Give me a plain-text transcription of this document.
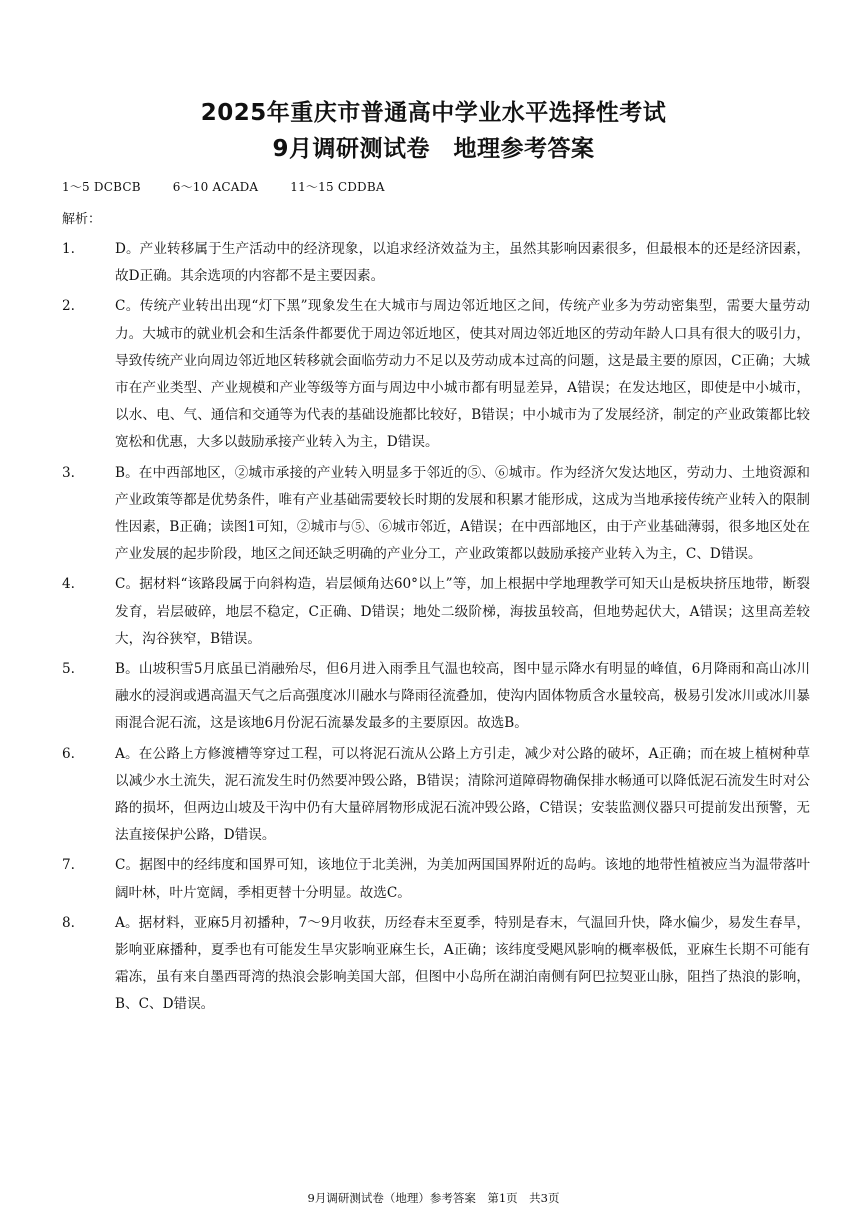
2025年重庆市普通高中学业水平选择性考试
9月调研测试卷　地理参考答案
1～5 DCBCB	6～10 ACADA	11～15 CDDBA
解析：
1.	D。产业转移属于生产活动中的经济现象，以追求经济效益为主，虽然其影响因素很多，但最根本的还是经济因素，故D正确。其余选项的内容都不是主要因素。
2.	C。传统产业转出出现“灯下黑”现象发生在大城市与周边邻近地区之间，传统产业多为劳动密集型，需要大量劳动力。大城市的就业机会和生活条件都要优于周边邻近地区，使其对周边邻近地区的劳动年龄人口具有很大的吸引力，导致传统产业向周边邻近地区转移就会面临劳动力不足以及劳动成本过高的问题，这是最主要的原因，C正确；大城市在产业类型、产业规模和产业等级等方面与周边中小城市都有明显差异，A错误；在发达地区，即使是中小城市，以水、电、气、通信和交通等为代表的基础设施都比较好，B错误；中小城市为了发展经济，制定的产业政策都比较宽松和优惠，大多以鼓励承接产业转入为主，D错误。
3.	B。在中西部地区，②城市承接的产业转入明显多于邻近的⑤、⑥城市。作为经济欠发达地区，劳动力、土地资源和产业政策等都是优势条件，唯有产业基础需要较长时期的发展和积累才能形成，这成为当地承接传统产业转入的限制性因素，B正确；读图1可知，②城市与⑤、⑥城市邻近，A错误；在中西部地区，由于产业基础薄弱，很多地区处在产业发展的起步阶段，地区之间还缺乏明确的产业分工，产业政策都以鼓励承接产业转入为主，C、D错误。
4.	C。据材料“该路段属于向斜构造，岩层倾角达60°以上”等，加上根据中学地理教学可知天山是板块挤压地带，断裂发育，岩层破碎，地层不稳定，C正确、D错误；地处二级阶梯，海拔虽较高，但地势起伏大，A错误；这里高差较大，沟谷狭窄，B错误。
5.	B。山坡积雪5月底虽已消融殆尽，但6月进入雨季且气温也较高，图中显示降水有明显的峰值，6月降雨和高山冰川融水的浸润或遇高温天气之后高强度冰川融水与降雨径流叠加，使沟内固体物质含水量较高，极易引发冰川或冰川暴雨混合泥石流，这是该地6月份泥石流暴发最多的主要原因。故选B。
6.	A。在公路上方修渡槽等穿过工程，可以将泥石流从公路上方引走，减少对公路的破坏，A正确；而在坡上植树种草以减少水土流失，泥石流发生时仍然要冲毁公路，B错误；清除河道障碍物确保排水畅通可以降低泥石流发生时对公路的损坏，但两边山坡及干沟中仍有大量碎屑物形成泥石流冲毁公路，C错误；安装监测仪器只可提前发出预警，无法直接保护公路，D错误。
7.	C。据图中的经纬度和国界可知，该地位于北美洲，为美加两国国界附近的岛屿。该地的地带性植被应当为温带落叶阔叶林，叶片宽阔，季相更替十分明显。故选C。
8.	A。据材料，亚麻5月初播种，7～9月收获，历经春末至夏季，特别是春末，气温回升快，降水偏少，易发生春旱，影响亚麻播种，夏季也有可能发生旱灾影响亚麻生长，A正确；该纬度受飓风影响的概率极低，亚麻生长期不可能有霜冻，虽有来自墨西哥湾的热浪会影响美国大部，但图中小岛所在湖泊南侧有阿巴拉契亚山脉，阻挡了热浪的影响，B、C、D错误。
9月调研测试卷（地理）参考答案　第1页　共3页
